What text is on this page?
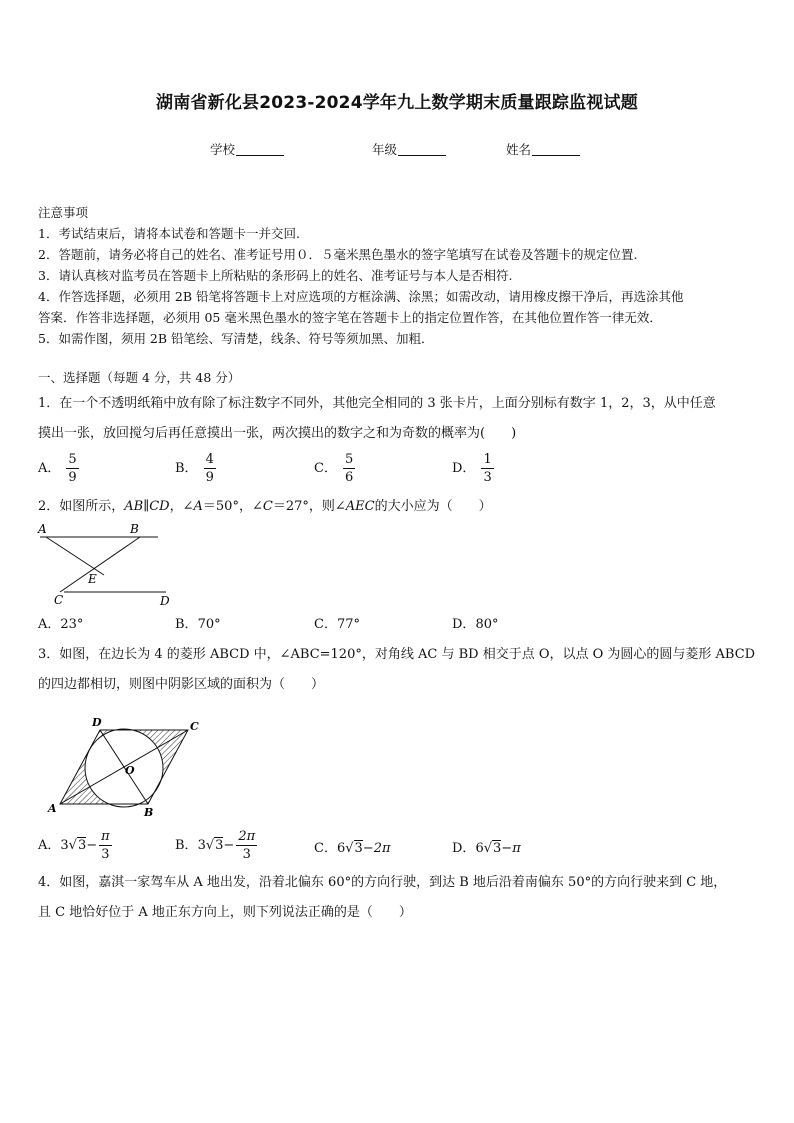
湖南省新化县2023-2024学年九上数学期末质量跟踪监视试题
学校	年级	姓名
注意事项
1．考试结束后，请将本试卷和答题卡一并交回.
2．答题前，请务必将自己的姓名、准考证号用０．５毫米黑色墨水的签字笔填写在试卷及答题卡的规定位置.
3．请认真核对监考员在答题卡上所粘贴的条形码上的姓名、准考证号与本人是否相符.
4．作答选择题，必须用 2B 铅笔将答题卡上对应选项的方框涂满、涂黑；如需改动，请用橡皮擦干净后，再选涂其他
答案．作答非选择题，必须用 05 毫米黑色墨水的签字笔在答题卡上的指定位置作答，在其他位置作答一律无效．
5．如需作图，须用 2B 铅笔绘、写清楚，线条、符号等须加黑、加粗．
一、选择题（每题 4 分，共 48 分）
1．在一个不透明纸箱中放有除了标注数字不同外，其他完全相同的 3 张卡片，上面分别标有数字 1，2，3，从中任意
摸出一张，放回搅匀后再任意摸出一张，两次摸出的数字之和为奇数的概率为(　　)
A． $\frac{5}{9}$	B． $\frac{4}{9}$	C． $\frac{5}{6}$	D． $\frac{1}{3}$
2．如图所示，AB∥CD，∠A＝50°，∠C＝27°，则∠AEC的大小应为（　　）
A	B
E
C	D
A．23°	B．70°	C．77°	D．80°
3．如图，在边长为 4 的菱形 ABCD 中，∠ABC=120°，对角线 AC 与 BD 相交于点 O，以点 O 为圆心的圆与菱形 ABCD
的四边都相切，则图中阴影区域的面积为（　　）
D	C
O
A	B
A．$3√3- \frac{\pi}{3}$	B．$3√3- \frac{2\pi}{3}$	C．6√3−2π	D．6√3−π
4．如图，嘉淇一家驾车从 A 地出发，沿着北偏东 60°的方向行驶，到达 B 地后沿着南偏东 50°的方向行驶来到 C 地，
且 C 地恰好位于 A 地正东方向上，则下列说法正确的是（　　）
